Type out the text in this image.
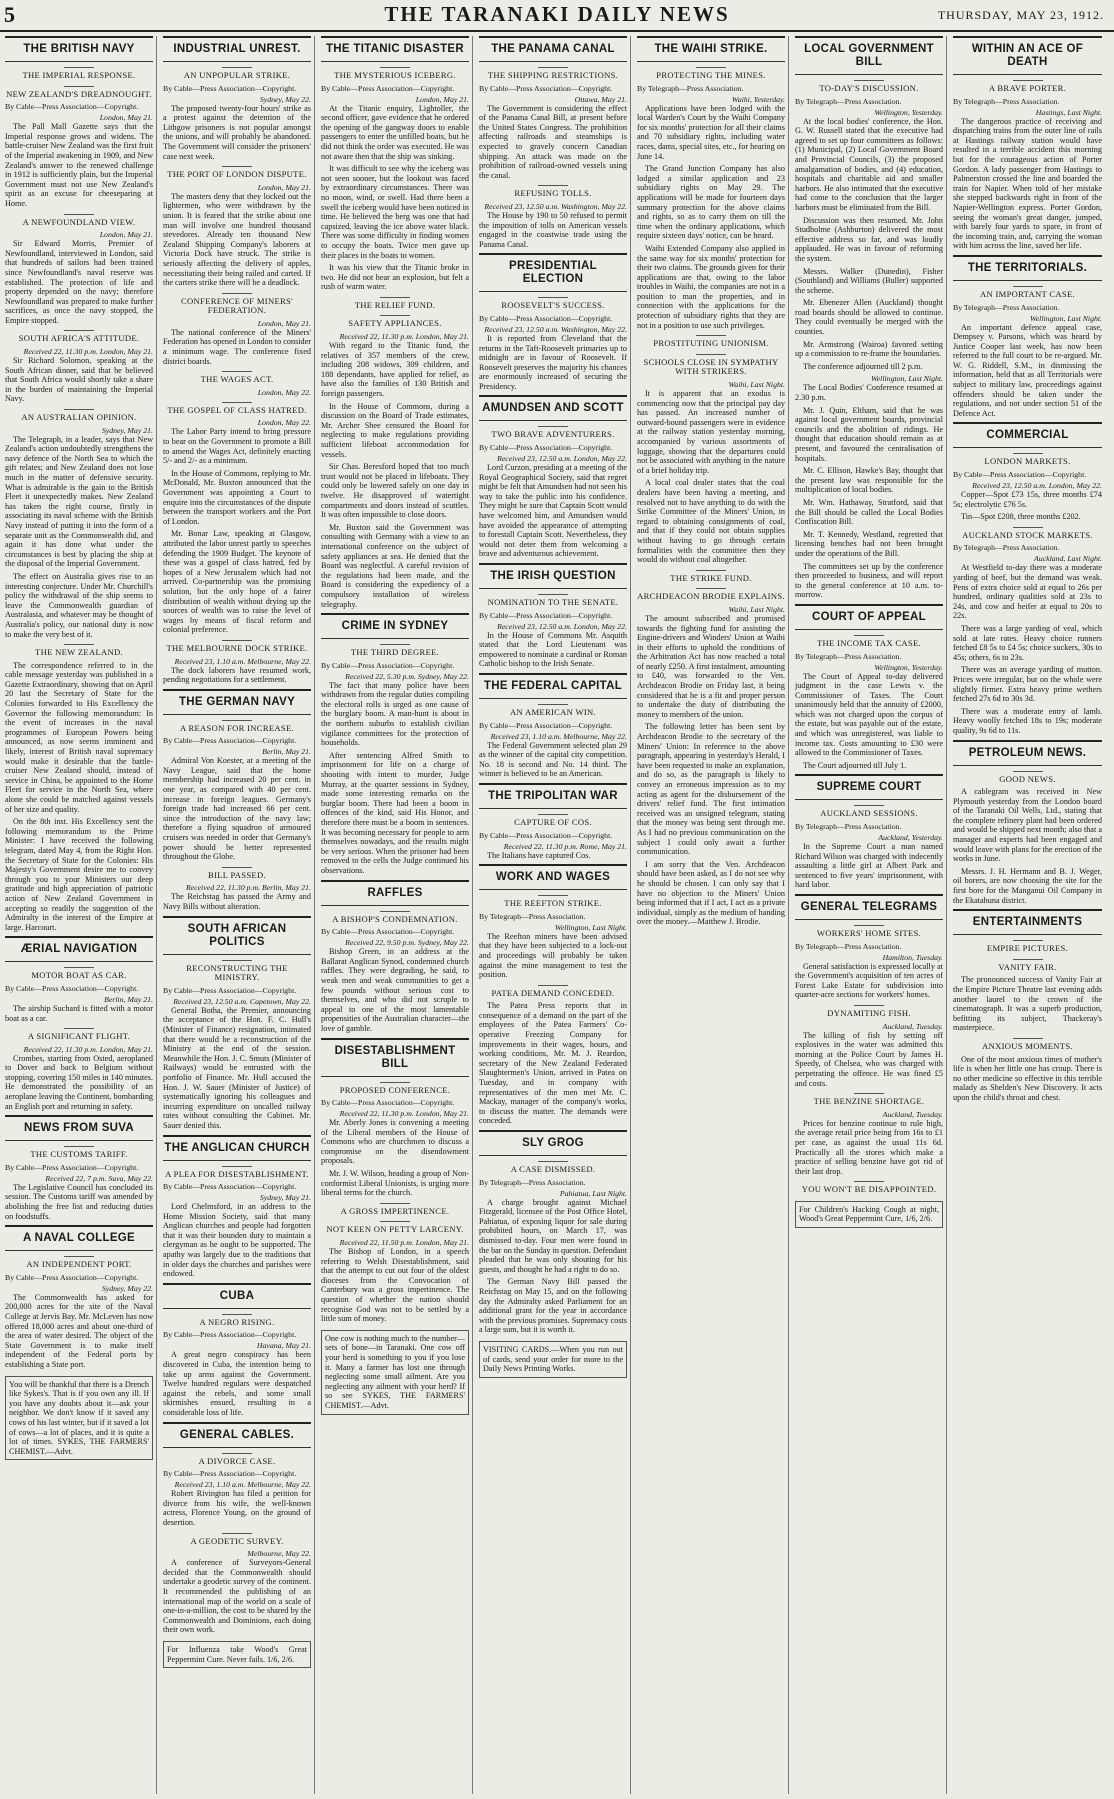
5	THE TARANAKI DAILY NEWS	THURSDAY, MAY 23, 1912.
THE BRITISH NAVY
THE IMPERIAL RESPONSE.
NEW ZEALAND'S DREADNOUGHT.
By Cable—Press Association—Copyright.
London, May 21.
The Pall Mall Gazette says that the Imperial response grows and widens. The battle-cruiser New Zealand was the first fruit of the Imperial awakening in 1909, and New Zealand's answer to the renewed challenge in 1912 is sufficiently plain, but the Imperial Government must not use New Zealand's spirit as an excuse for cheeseparing at Home.
A NEWFOUNDLAND VIEW.
London, May 21.
Sir Edward Morris, Premier of Newfoundland, interviewed in London, said that hundreds of sailors had been trained since Newfoundland's naval reserve was established. The protection of life and property depended on the navy; therefore Newfoundland was prepared to make further sacrifices, as once the navy stopped, the Empire stopped.
SOUTH AFRICA'S ATTITUDE.
Received 22, 11.30 p.m. London, May 21.
Sir Richard Solomon, speaking at the South African dinner, said that he believed that South Africa would shortly take a share in the burden of maintaining the Imperial Navy.
AN AUSTRALIAN OPINION.
Sydney, May 21.
The Telegraph, in a leader, says that New Zealand's action undoubtedly strengthens the navy defence of the North Sea to which the gift relates; and New Zealand does not lose much in the matter of defensive security. What is admirable is the gain to the British Fleet it unexpectedly makes. New Zealand has taken the right course, firstly in associating its naval scheme with the British Navy instead of putting it into the form of a separate unit as the Commonwealth did, and again it has done what under the circumstances is best by placing the ship at the disposal of the Imperial Government.
The effect on Australia gives rise to an interesting conjecture. Under Mr. Churchill's policy the withdrawal of the ship seems to leave the Commonwealth guardian of Australasia, and whatever may be thought of Australia's policy, our national duty is now to make the very best of it.
THE NEW ZEALAND.
The correspondence referred to in the cable message yesterday was published in a Gazette Extraordinary, showing that on April 20 last the Secretary of State for the Colonies forwarded to His Excellency the Governor the following memorandum: In the event of increases in the naval programmes of European Powers being announced, as now seems imminent and likely, interest of British naval supremacy would make it desirable that the battle-cruiser New Zealand should, instead of service in China, be appointed to the Home Fleet for service in the North Sea, where alone she could be matched against vessels of her size and quality.
On the 8th inst. His Excellency sent the following memorandum to the Prime Minister: I have received the following telegram, dated May 4, from the Right Hon. the Secretary of State for the Colonies: His Majesty's Government desire me to convey through you to your Ministers our deep gratitude and high appreciation of patriotic action of New Zealand Government in accepting so readily the suggestion of the Admiralty in the interest of the Empire at large. Harcourt.
ÆRIAL NAVIGATION
MOTOR BOAT AS CAR.
By Cable—Press Association—Copyright.
Berlin, May 21.
The airship Suchard is fitted with a motor boat as a car.
A SIGNIFICANT FLIGHT.
Received 22, 11.30 p.m. London, May 21.
Crombes, starting from Osted, aeroplaned to Dover and back to Belgium without stopping, covering 150 miles in 140 minutes. He demonstrated the possibility of an aeroplane leaving the Continent, bombarding an English port and returning in safety.
NEWS FROM SUVA
THE CUSTOMS TARIFF.
By Cable—Press Association—Copyright.
Received 22, 7 p.m. Suva, May 22.
The Legislative Council has concluded its session. The Customs tariff was amended by abolishing the free list and reducing duties on foodstuffs.
A NAVAL COLLEGE
AN INDEPENDENT PORT.
By Cable—Press Association—Copyright.
Sydney, May 22.
The Commonwealth has asked for 200,000 acres for the site of the Naval College at Jervis Bay. Mr. McLeven has now offered 18,000 acres and about one-third of the area of water desired. The object of the State Government is to make itself independent of the Federal ports by establishing a State port.
You will be thankful that there is a Drench like Sykes's. That is if you own any ill. If you have any doubts about it—ask your neighbor. We don't know if it saved any cows of his last winter, but if it saved a lot of cows—a lot of places, and it is quite a lot of times. SYKES, THE FARMERS' CHEMIST.—Advt.
INDUSTRIAL UNREST.
AN UNPOPULAR STRIKE.
By Cable—Press Association—Copyright.
Sydney, May 22.
The proposed twenty-four hours' strike as a protest against the detention of the Lithgow prisoners is not popular amongst the unions, and will probably be abandoned. The Government will consider the prisoners' case next week.
THE PORT OF LONDON DISPUTE.
London, May 21.
The masters deny that they locked out the lightermen, who were withdrawn by the union. It is feared that the strike about one man will involve one hundred thousand stevedores. Already ten thousand New Zealand Shipping Company's laborers at Victoria Dock have struck. The strike is seriously affecting the delivery of apples, necessitating their being railed and carted. If the carters strike there will be a deadlock.
CONFERENCE OF MINERS' FEDERATION.
London, May 21.
The national conference of the Miners' Federation has opened in London to consider a minimum wage. The conference fixed district boards.
THE WAGES ACT.
London, May 22.
THE GOSPEL OF CLASS HATRED.
London, May 22.
The Labor Party intend to bring pressure to bear on the Government to promote a Bill to amend the Wages Act, definitely enacting 5/- and 2/- as a minimum.
In the House of Commons, replying to Mr. McDonald, Mr. Buxton announced that the Government was appointing a Court to enquire into the circumstances of the dispute between the transport workers and the Port of London.
Mr. Bonar Law, speaking at Glasgow, attributed the labor unrest partly to speeches defending the 1909 Budget. The keynote of these was a gospel of class hatred, fed by hopes of a New Jerusalem which had not arrived. Co-partnership was the promising solution, but the only hope of a fairer distribution of wealth without drying up the sources of wealth was to raise the level of wages by means of fiscal reform and colonial preference.
THE MELBOURNE DOCK STRIKE.
Received 23, 1.10 a.m. Melbourne, May 22.
The dock laborers have resumed work, pending negotiations for a settlement.
THE GERMAN NAVY
A REASON FOR INCREASE.
By Cable—Press Association—Copyright.
Berlin, May 21.
Admiral Von Koester, at a meeting of the Navy League, said that the home membership had increased 20 per cent. in one year, as compared with 40 per cent. increase in foreign leagues. Germany's foreign trade had increased 66 per cent. since the introduction of the navy law; therefore a flying squadron of armoured cruisers was needed in order that Germany's power should be better represented throughout the Globe.
BILL PASSED.
Received 22, 11.30 p.m. Berlin, May 21.
The Reichstag has passed the Army and Navy Bills without alteration.
SOUTH AFRICAN POLITICS
RECONSTRUCTING THE MINISTRY.
By Cable—Press Association—Copyright.
Received 23, 12.50 a.m. Capetown, May 22.
General Botha, the Premier, announcing the acceptance of the Hon. F. C. Hull's (Minister of Finance) resignation, intimated that there would be a reconstruction of the Ministry at the end of the session. Meanwhile the Hon. J. C. Smuts (Minister of Railways) would be entrusted with the portfolio of Finance. Mr. Hull accused the Hon. J. W. Sauer (Minister of Justice) of systematically ignoring his colleagues and incurring expenditure on uncalled railway rates without consulting the Cabinet. Mr. Sauer denied this.
THE ANGLICAN CHURCH
A PLEA FOR DISESTABLISHMENT.
By Cable—Press Association—Copyright.
Sydney, May 21.
Lord Chelmsford, in an address to the Home Mission Society, said that many Anglican churches and people had forgotten that it was their bounden duty to maintain a clergyman as he ought to be supported. The apathy was largely due to the traditions that in older days the churches and parishes were endowed.
CUBA
A NEGRO RISING.
By Cable—Press Association—Copyright.
Havana, May 21.
A great negro conspiracy has been discovered in Cuba, the intention being to take up arms against the Government. Twelve hundred regulars were despatched against the rebels, and some small skirmishes ensued, resulting in a considerable loss of life.
GENERAL CABLES.
A DIVORCE CASE.
By Cable—Press Association—Copyright.
Received 23, 1.10 a.m. Melbourne, May 22.
Robert Rivington has filed a petition for divorce from his wife, the well-known actress, Florence Young, on the ground of desertion.
A GEODETIC SURVEY.
Melbourne, May 22.
A conference of Surveyors-General decided that the Commonwealth should undertake a geodetic survey of the continent. It recommended the publishing of an international map of the world on a scale of one-in-a-million, the cost to be shared by the Commonwealth and Dominions, each doing their own work.
For Influenza take Wood's Great Peppermint Cure. Never fails. 1/6, 2/6.
THE TITANIC DISASTER
THE MYSTERIOUS ICEBERG.
By Cable—Press Association—Copyright.
London, May 21.
At the Titanic enquiry, Lightoller, the second officer, gave evidence that he ordered the opening of the gangway doors to enable passengers to enter the unfilled boats, but he did not think the order was executed. He was not aware then that the ship was sinking.
It was difficult to see why the iceberg was not seen sooner, but the lookout was faced by extraordinary circumstances. There was no moon, wind, or swell. Had there been a swell the iceberg would have been noticed in time. He believed the berg was one that had capsized, leaving the ice above water black. There was some difficulty in finding women to occupy the boats. Twice men gave up their places in the boats to women.
It was his view that the Titanic broke in two. He did not hear an explosion, but felt a rush of warm water.
THE RELIEF FUND.
SAFETY APPLIANCES.
Received 22, 11.30 p.m. London, May 21.
With regard to the Titanic fund, the relatives of 357 members of the crew, including 208 widows, 309 children, and 188 dependants, have applied for relief, as have also the families of 130 British and foreign passengers.
In the House of Commons, during a discussion on the Board of Trade estimates, Mr. Archer Shee censured the Board for neglecting to make regulations providing sufficient lifeboat accommodation for vessels.
Sir Chas. Beresford hoped that too much trust would not be placed in lifeboats. They could only be lowered safely on one day in twelve. He disapproved of watertight compartments and doors instead of scuttles. It was often impossible to close doors.
Mr. Buxton said the Government was consulting with Germany with a view to an international conference on the subject of safety appliances at sea. He denied that the Board was neglectful. A careful revision of the regulations had been made, and the Board is considering the expediency of a compulsory installation of wireless telegraphy.
CRIME IN SYDNEY
THE THIRD DEGREE.
By Cable—Press Association—Copyright.
Received 22, 5.30 p.m. Sydney, May 22.
The fact that many police have been withdrawn from the regular duties compiling the electoral rolls is urged as one cause of the burglary boom. A man-hunt is about in the northern suburbs to establish civilian vigilance committees for the protection of households.
After sentencing Alfred Smith to imprisonment for life on a charge of shooting with intent to murder, Judge Murray, at the quarter sessions in Sydney, made some interesting remarks on the burglar boom. There had been a boom in offences of the kind, said His Honor, and therefore there must be a boom in sentences. It was becoming necessary for people to arm themselves nowadays, and the results might be very serious. When the prisoner had been removed to the cells the Judge continued his observations.
RAFFLES
A BISHOP'S CONDEMNATION.
By Cable—Press Association—Copyright.
Received 22, 9.50 p.m. Sydney, May 22.
Bishop Green, in an address at the Ballarat Anglican Synod, condemned church raffles. They were degrading, he said, to weak men and weak communities to get a few pounds without serious cost to themselves, and who did not scruple to appeal to one of the most lamentable propensities of the Australian character—the love of gamble.
DISESTABLISHMENT BILL
PROPOSED CONFERENCE.
By Cable—Press Association—Copyright.
Received 22, 11.30 p.m. London, May 21.
Mr. Aberly Jones is convening a meeting of the Liberal members of the House of Commons who are churchmen to discuss a compromise on the disendowment proposals.
Mr. J. W. Wilson, heading a group of Non-conformist Liberal Unionists, is urging more liberal terms for the church.
A GROSS IMPERTINENCE.
NOT KEEN ON PETTY LARCENY.
Received 22, 11.50 p.m. London, May 21.
The Bishop of London, in a speech referring to Welsh Disestablishment, said that the attempt to cut out four of the oldest dioceses from the Convocation of Canterbury was a gross impertinence. The question of whether the nation should recognise God was not to be settled by a little sum of money.
One cow is nothing much to the number—sets of bone—in Taranaki. One cow off your herd is something to you if you lose it. Many a farmer has lost one through neglecting some small ailment. Are you neglecting any ailment with your herd? If so see SYKES, THE FARMERS' CHEMIST.—Advt.
THE PANAMA CANAL
THE SHIPPING RESTRICTIONS.
By Cable—Press Association—Copyright.
Ottawa, May 21.
The Government is considering the effect of the Panama Canal Bill, at present before the United States Congress. The prohibition affecting railroads and steamships is expected to gravely concern Canadian shipping. An attack was made on the prohibition of railroad-owned vessels using the canal.
REFUSING TOLLS.
Received 23, 12.50 a.m. Washington, May 22.
The House by 190 to 50 refused to permit the imposition of tolls on American vessels engaged in the coastwise trade using the Panama Canal.
PRESIDENTIAL ELECTION
ROOSEVELT'S SUCCESS.
By Cable—Press Association—Copyright.
Received 23, 12.50 a.m. Washington, May 22.
It is reported from Cleveland that the returns in the Taft-Roosevelt primaries up to midnight are in favour of Roosevelt. If Roosevelt preserves the majority his chances are enormously increased of securing the Presidency.
AMUNDSEN AND SCOTT
TWO BRAVE ADVENTURERS.
By Cable—Press Association—Copyright.
Received 23, 12.50 a.m. London, May 22.
Lord Curzon, presiding at a meeting of the Royal Geographical Society, said that regret might be felt that Amundsen had not seen his way to take the public into his confidence. They might be sure that Captain Scott would have welcomed him, and Amundsen would have avoided the appearance of attempting to forestall Captain Scott. Nevertheless, they would not deter them from welcoming a brave and adventurous achievement.
THE IRISH QUESTION
NOMINATION TO THE SENATE.
By Cable—Press Association—Copyright.
Received 23, 12.50 a.m. London, May 22.
In the House of Commons Mr. Asquith stated that the Lord Lieutenant was empowered to nominate a cardinal or Roman Catholic bishop to the Irish Senate.
THE FEDERAL CAPITAL
AN AMERICAN WIN.
By Cable—Press Association—Copyright.
Received 23, 1.10 a.m. Melbourne, May 22.
The Federal Government selected plan 29 as the winner of the capital city competition. No. 18 is second and No. 14 third. The winner is believed to be an American.
THE TRIPOLITAN WAR
CAPTURE OF COS.
By Cable—Press Association—Copyright.
Received 22, 11.30 p.m. Rome, May 21.
The Italians have captured Cos.
WORK AND WAGES
THE REEFTON STRIKE.
By Telegraph—Press Association.
Wellington, Last Night.
The Reefton miners have been advised that they have been subjected to a lock-out and proceedings will probably be taken against the mine management to test the position.
PATEA DEMAND CONCEDED.
The Patea Press reports that in consequence of a demand on the part of the employees of the Patea Farmers' Co-operative Freezing Company for improvements in their wages, hours, and working conditions, Mr. M. J. Reardon, secretary of the New Zealand Federated Slaughtermen's Union, arrived in Patea on Tuesday, and in company with representatives of the men met Mr. C. Mackay, manager of the company's works, to discuss the matter. The demands were conceded.
SLY GROG
A CASE DISMISSED.
By Telegraph—Press Association.
Pahiatua, Last Night.
A charge brought against Michael Fitzgerald, licensee of the Post Office Hotel, Pahiatua, of exposing liquor for sale during prohibited hours, on March 17, was dismissed to-day. Four men were found in the bar on the Sunday in question. Defendant pleaded that he was only shouting for his guests, and thought he had a right to do so.
The German Navy Bill passed the Reichstag on May 15, and on the following day the Admiralty asked Parliament for an additional grant for the year in accordance with the previous promises. Supremacy costs a large sum, but it is worth it.
VISITING CARDS.—When you run out of cards, send your order for more to the Daily News Printing Works.
THE WAIHI STRIKE.
PROTECTING THE MINES.
By Telegraph—Press Association.
Waihi, Yesterday.
Applications have been lodged with the local Warden's Court by the Waihi Company for six months' protection for all their claims and 70 subsidiary rights, including water races, dams, special sites, etc., for hearing on June 14.
The Grand Junction Company has also lodged a similar application and 23 subsidiary rights on May 29. The applications will be made for fourteen days summary protection for the above claims and rights, so as to carry them on till the time when the ordinary applications, which require sixteen days' notice, can be heard.
Waihi Extended Company also applied in the same way for six months' protection for their two claims. The grounds given for their applications are that, owing to the labor troubles in Waihi, the companies are not in a position to man the properties, and in connection with the applications for the protection of subsidiary rights that they are not in a position to use such privileges.
PROSTITUTING UNIONISM.
SCHOOLS CLOSE IN SYMPATHY WITH STRIKERS.
Waihi, Last Night.
It is apparent that an exodus is commencing now that the principal pay day has passed. An increased number of outward-bound passengers were in evidence at the railway station yesterday morning, accompanied by various assortments of luggage, showing that the departures could not be associated with anything in the nature of a brief holiday trip.
A local coal dealer states that the coal dealers have been having a meeting, and resolved not to have anything to do with the Strike Committee of the Miners' Union, in regard to obtaining consignments of coal, and that if they could not obtain supplies without having to go through certain formalities with the committee then they would do without coal altogether.
THE STRIKE FUND.
ARCHDEACON BRODIE EXPLAINS.
Waihi, Last Night.
The amount subscribed and promised towards the fighting fund for assisting the Engine-drivers and Winders' Union at Waihi in their efforts to uphold the conditions of the Arbitration Act has now reached a total of nearly £250. A first instalment, amounting to £40, was forwarded to the Ven. Archdeacon Brodie on Friday last, it being considered that he is a fit and proper person to undertake the duty of distributing the money to members of the union.
The following letter has been sent by Archdeacon Brodie to the secretary of the Miners' Union: In reference to the above paragraph, appearing in yesterday's Herald, I have been requested to make an explanation, and do so, as the paragraph is likely to convey an erroneous impression as to my acting as agent for the disbursement of the drivers' relief fund. The first intimation received was an unsigned telegram, stating that the money was being sent through me. As I had no previous communication on the subject I could only await a further communication.
I am sorry that the Ven. Archdeacon should have been asked, as I do not see why he should be chosen. I can only say that I have no objection to the Miners' Union being informed that if I act, I act as a private individual, simply as the medium of handing over the money.—Matthew J. Brodie.
LOCAL GOVERNMENT BILL
TO-DAY'S DISCUSSION.
By Telegraph—Press Association.
Wellington, Yesterday.
At the local bodies' conference, the Hon. G. W. Russell stated that the executive had agreed to set up four committees as follows: (1) Municipal, (2) Local Government Board and Provincial Councils, (3) the proposed amalgamation of bodies, and (4) education, hospitals and charitable aid and smaller harbors. He also intimated that the executive had come to the conclusion that the larger harbors must be eliminated from the Bill.
Discussion was then resumed. Mr. John Studholme (Ashburton) delivered the most effective address so far, and was loudly applauded. He was in favour of reforming the system.
Messrs. Walker (Dunedin), Fisher (Southland) and Williams (Buller) supported the scheme.
Mr. Ebenezer Allen (Auckland) thought road boards should be allowed to continue. They could eventually be merged with the counties.
Mr. Armstrong (Wairoa) favored setting up a commission to re-frame the boundaries.
The conference adjourned till 2 p.m.
Wellington, Last Night.
The Local Bodies' Conference resumed at 2.30 p.m.
Mr. J. Quin, Eltham, said that he was against local government boards, provincial councils and the abolition of ridings. He thought that education should remain as at present, and favoured the centralisation of hospitals.
Mr. C. Ellison, Hawke's Bay, thought that the present law was responsible for the multiplication of local bodies.
Mr. Wm. Hathaway, Stratford, said that the Bill should be called the Local Bodies Confiscation Bill.
Mr. T. Kennedy, Westland, regretted that licensing benches had not been brought under the operations of the Bill.
The committees set up by the conference then proceeded to business, and will report to the general conference at 10 a.m. to-morrow.
COURT OF APPEAL
THE INCOME TAX CASE.
By Telegraph—Press Association.
Wellington, Yesterday.
The Court of Appeal to-day delivered judgment in the case Lewis v. the Commissioner of Taxes. The Court unanimously held that the annuity of £2000, which was not charged upon the corpus of the estate, but was payable out of the estate, and which was unregistered, was liable to income tax. Costs amounting to £30 were allowed to the Commissioner of Taxes.
The Court adjourned till July 1.
SUPREME COURT
AUCKLAND SESSIONS.
By Telegraph—Press Association.
Auckland, Yesterday.
In the Supreme Court a man named Richard Wilson was charged with indecently assaulting a little girl at Albert Park and sentenced to five years' imprisonment, with hard labor.
GENERAL TELEGRAMS
WORKERS' HOME SITES.
By Telegraph—Press Association.
Hamilton, Tuesday.
General satisfaction is expressed locally at the Government's acquisition of ten acres of Forest Lake Estate for subdivision into quarter-acre sections for workers' homes.
DYNAMITING FISH.
Auckland, Tuesday.
The killing of fish by setting off explosives in the water was admitted this morning at the Police Court by James H. Speedy, of Chelsea, who was charged with perpetrating the offence. He was fined £5 and costs.
THE BENZINE SHORTAGE.
Auckland, Tuesday.
Prices for benzine continue to rule high, the average retail price being from 16s to £1 per case, as against the usual 11s 6d. Practically all the stores which make a practice of selling benzine have got rid of their last drop.
YOU WON'T BE DISAPPOINTED.
For Children's Hacking Cough at night, Wood's Great Peppermint Cure, 1/6, 2/6.
WITHIN AN ACE OF DEATH
A BRAVE PORTER.
By Telegraph—Press Association.
Hastings, Last Night.
The dangerous practice of receiving and dispatching trains from the outer line of rails at Hastings railway station would have resulted in a terrible accident this morning but for the courageous action of Porter Gordon. A lady passenger from Hastings to Palmerston crossed the line and boarded the train for Napier. When told of her mistake she stepped backwards right in front of the Napier-Wellington express. Porter Gordon, seeing the woman's great danger, jumped, with barely four yards to spare, in front of the incoming train, and, carrying the woman with him across the line, saved her life.
THE TERRITORIALS.
AN IMPORTANT CASE.
By Telegraph—Press Association.
Wellington, Last Night.
An important defence appeal case, Dempsey v. Parsons, which was heard by Justice Cooper last week, has now been referred to the full court to be re-argued. Mr. W. G. Riddell, S.M., in dismissing the information, held that as all Territorials were subject to military law, proceedings against offenders should be taken under the regulations, and not under section 51 of the Defence Act.
COMMERCIAL
LONDON MARKETS.
By Cable—Press Association—Copyright.
Received 23, 12.50 a.m. London, May 22.
Copper—Spot £73 15s, three months £74 5s; electrolytic £76 5s.
Tin—Spot £208, three months £202.
AUCKLAND STOCK MARKETS.
By Telegraph—Press Association.
Auckland, Last Night.
At Westfield to-day there was a moderate yarding of beef, but the demand was weak. Pens of extra choice sold at equal to 26s per hundred, ordinary qualities sold at 23s to 24s, and cow and heifer at equal to 20s to 22s.
There was a large yarding of veal, which sold at late rates. Heavy choice runners fetched £8 5s to £4 5s; choice suckers, 30s to 45s; others, 6s to 23s.
There was an average yarding of mutton. Prices were irregular, but on the whole were slightly firmer. Extra heavy prime wethers fetched 27s 6d to 30s 3d.
There was a moderate entry of lamb. Heavy woolly fetched 18s to 19s; moderate quality, 9s 6d to 11s.
PETROLEUM NEWS.
GOOD NEWS.
A cablegram was received in New Plymouth yesterday from the London board of the Taranaki Oil Wells, Ltd., stating that the complete refinery plant had been ordered and would be shipped next month; also that a manager and experts had been engaged and would leave with plans for the erection of the works in June.
Messrs. J. H. Hermann and B. J. Weger, oil borers, are now choosing the site for the first bore for the Manganui Oil Company in the Ekatahuna district.
ENTERTAINMENTS
EMPIRE PICTURES.
VANITY FAIR.
The pronounced success of Vanity Fair at the Empire Picture Theatre last evening adds another laurel to the crown of the cinematograph. It was a superb production, befitting its subject, Thackeray's masterpiece.
ANXIOUS MOMENTS.
One of the most anxious times of mother's life is when her little one has croup. There is no other medicine so effective in this terrible malady as Shelden's New Discovery. It acts upon the child's throat and chest.
